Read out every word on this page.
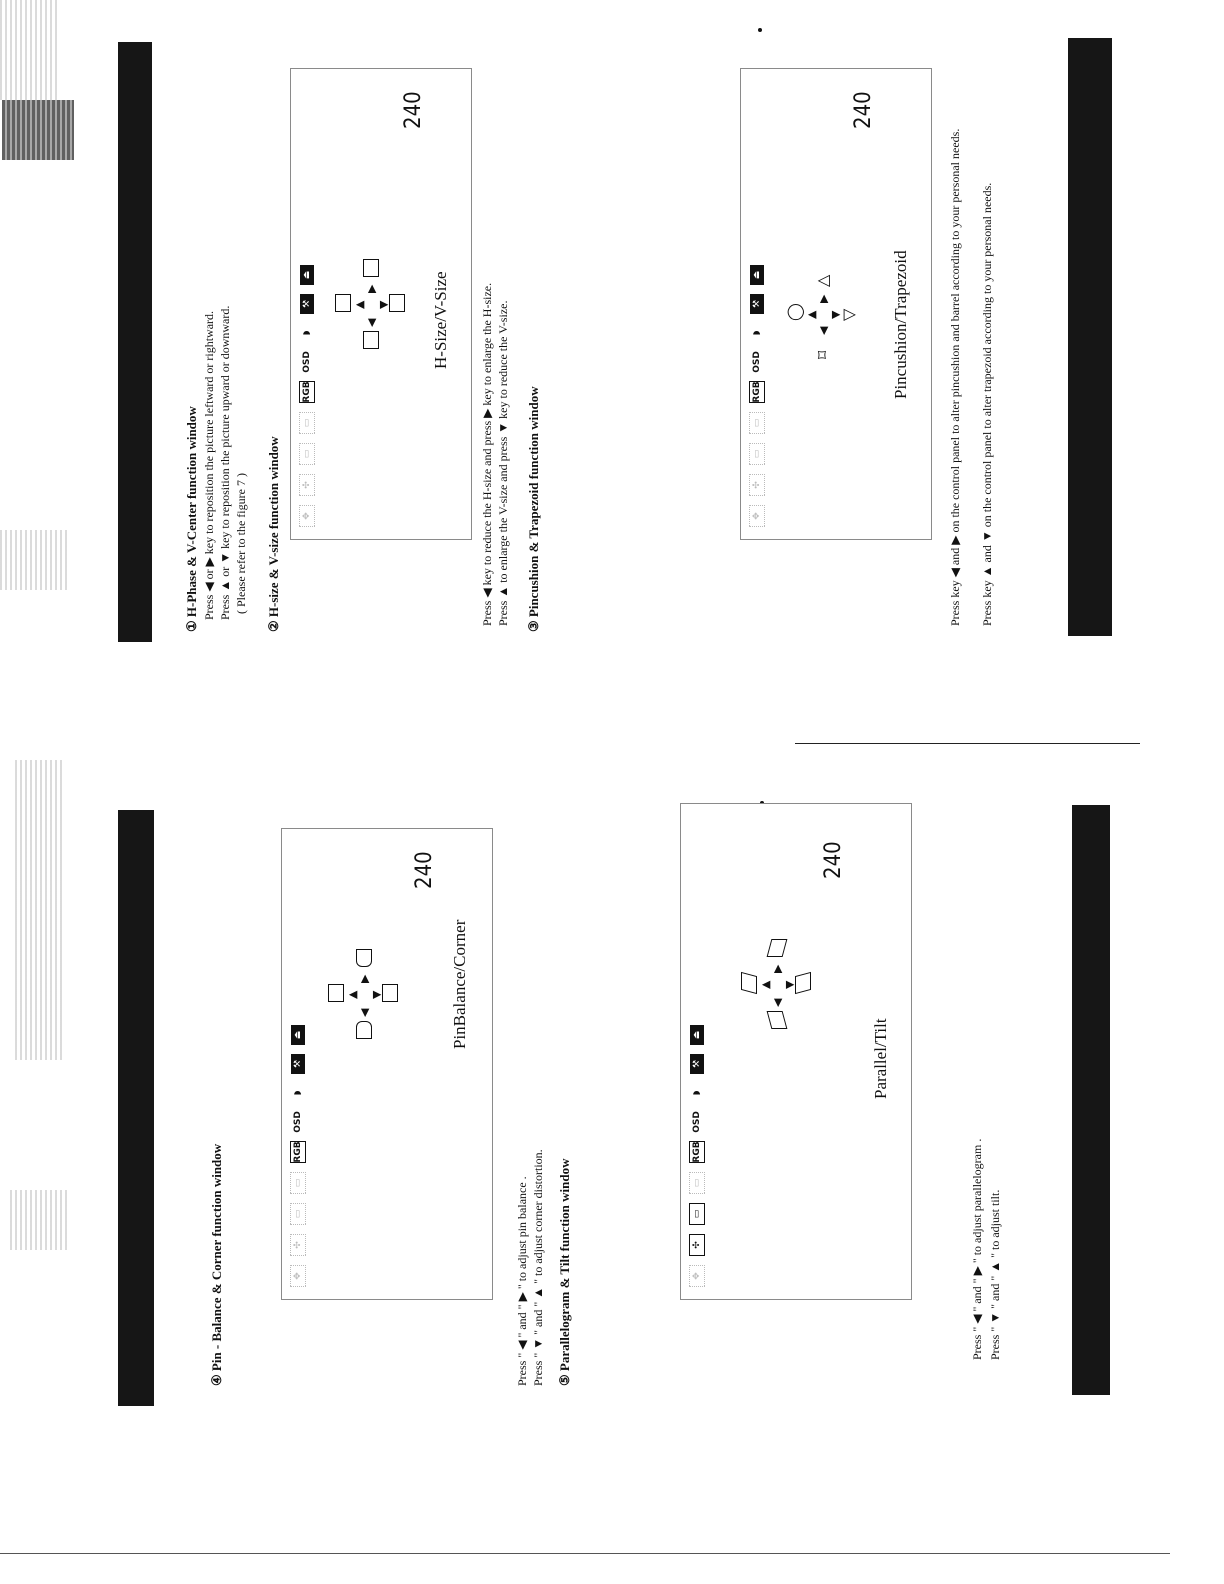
① H-Phase & V-Center function window Press ◀ or ▶ key to reposition the picture leftward or rightward. Press ▲ or ▼ key to reposition the picture upward or downward. ( Please refer to the figure 7 ) ② H-size & V-size function window	✥
✣
▭
▭
RGB
OSD
◗
⚒
⏏
▲
◀
▶
▼ H-Size/V-Size
240
Press ◀ key to reduce the H-size and press ▶ key to enlarge the H-size. Press ▲ to enlarge the V-size and press ▼ key to reduce the V-size. ③ Pincushion & Trapezoid function window	✥
✣
▭
▭
RGB
OSD
◗
⚒
⏏
◯
⌑
△
▽
▲
◀
▶
▼	Pincushion/Trapezoid
240
Press key ◀ and ▶ on the control panel to alter pincushion and barrel according to your personal needs. Press key ▲ and ▼ on the control panel to alter trapezoid according to your personal needs.
④ Pin - Balance & Corner function window	✥
✣
▭
▭
RGB
OSD
◗
⚒
⏏
▲
◀
▶
▼	PinBalance/Corner
240
Press " ◀ " and " ▶ " to adjust pin balance . Press " ▼ " and " ▲ " to adjust corner distortion. ⑤ Parallelogram & Tilt function window	✥
✣
▭
▭
RGB
OSD
◗
⚒
⏏
▲
◀
▶
▼
Parallel/Tilt
240
Press " ◀ " and " ▶ " to adjust parallelogram . Press " ▼ " and " ▲ " to adjust tilt.
